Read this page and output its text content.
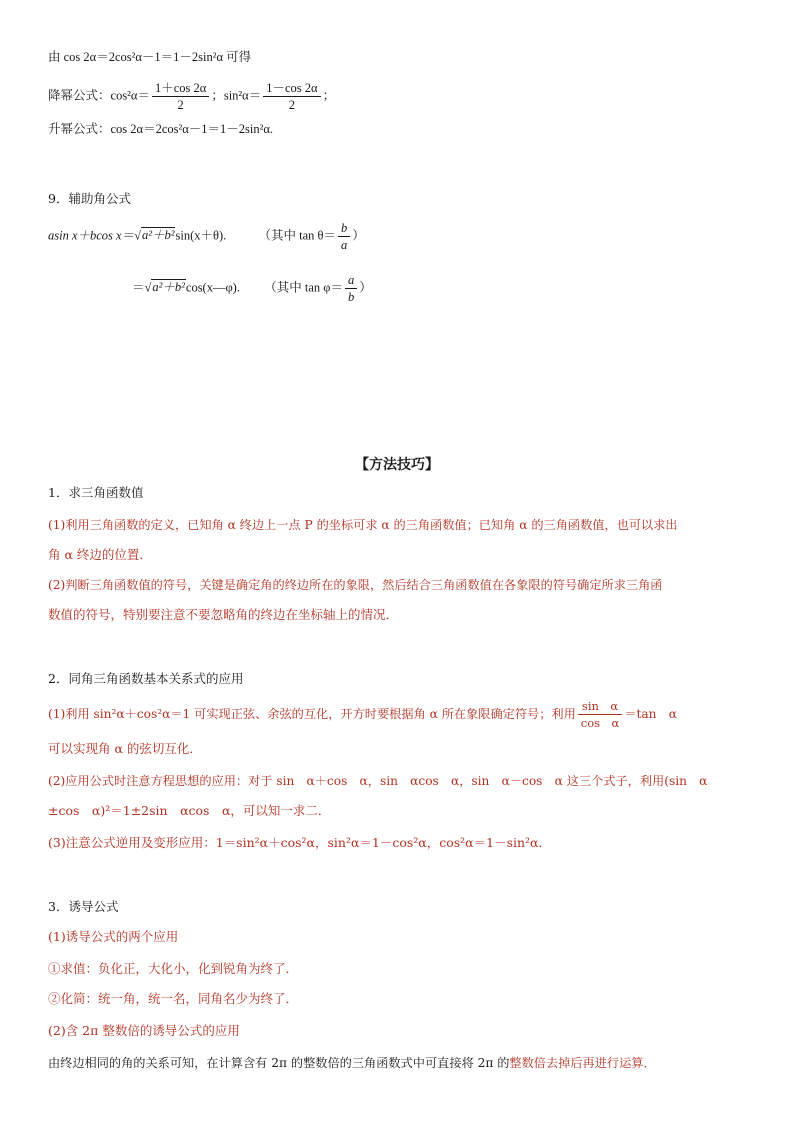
由 cos 2α＝2cos²α－1＝1－2sin²α 可得
降幂公式：$\cos^2\alpha= \frac{1+\cos 2\alpha}{2}$ ；$\sin^2\alpha= \frac{1-\cos 2\alpha}{2}$ ；
升幂公式：cos 2α＝2cos²α－1＝1－2sin²α.
9．辅助角公式
asin x＋bcos x＝√a²＋b²sin(x＋θ).	（其中 $\tan \theta= \frac{b}{a}$ ）
＝√a²＋b²cos(x—φ). （其中 $\tan \varphi= \frac{a}{b}$ ）
【方法技巧】
1．求三角函数值
(1)利用三角函数的定义，已知角 α 终边上一点 P 的坐标可求 α 的三角函数值；已知角 α 的三角函数值，也可以求出
角 α 终边的位置．
(2)判断三角函数值的符号，关键是确定角的终边所在的象限，然后结合三角函数值在各象限的符号确定所求三角函
数值的符号，特别要注意不要忽略角的终边在坐标轴上的情况．
2．同角三角函数基本关系式的应用
(1)利用 sin²α＋cos²α＝1 可实现正弦、余弦的互化，开方时要根据角 α 所在象限确定符号；利用 $\frac{\text{sin　α}}{\text{cos　α}} =\tan$　α
可以实现角 α 的弦切互化．
(2)应用公式时注意方程思想的应用：对于 sin　α＋cos　α，sin　αcos　α，sin　α－cos　α 这三个式子，利用(sin　α
±cos　α)²＝1±2sin　αcos　α，可以知一求二．
(3)注意公式逆用及变形应用：1＝sin²α＋cos²α，sin²α＝1－cos²α，cos²α＝1－sin²α．
3．诱导公式
(1)诱导公式的两个应用
①求值：负化正，大化小，化到锐角为终了．
②化简：统一角，统一名，同角名少为终了．
(2)含 2π 整数倍的诱导公式的应用
由终边相同的角的关系可知，在计算含有 2π 的整数倍的三角函数式中可直接将 2π 的整数倍去掉后再进行运算．
